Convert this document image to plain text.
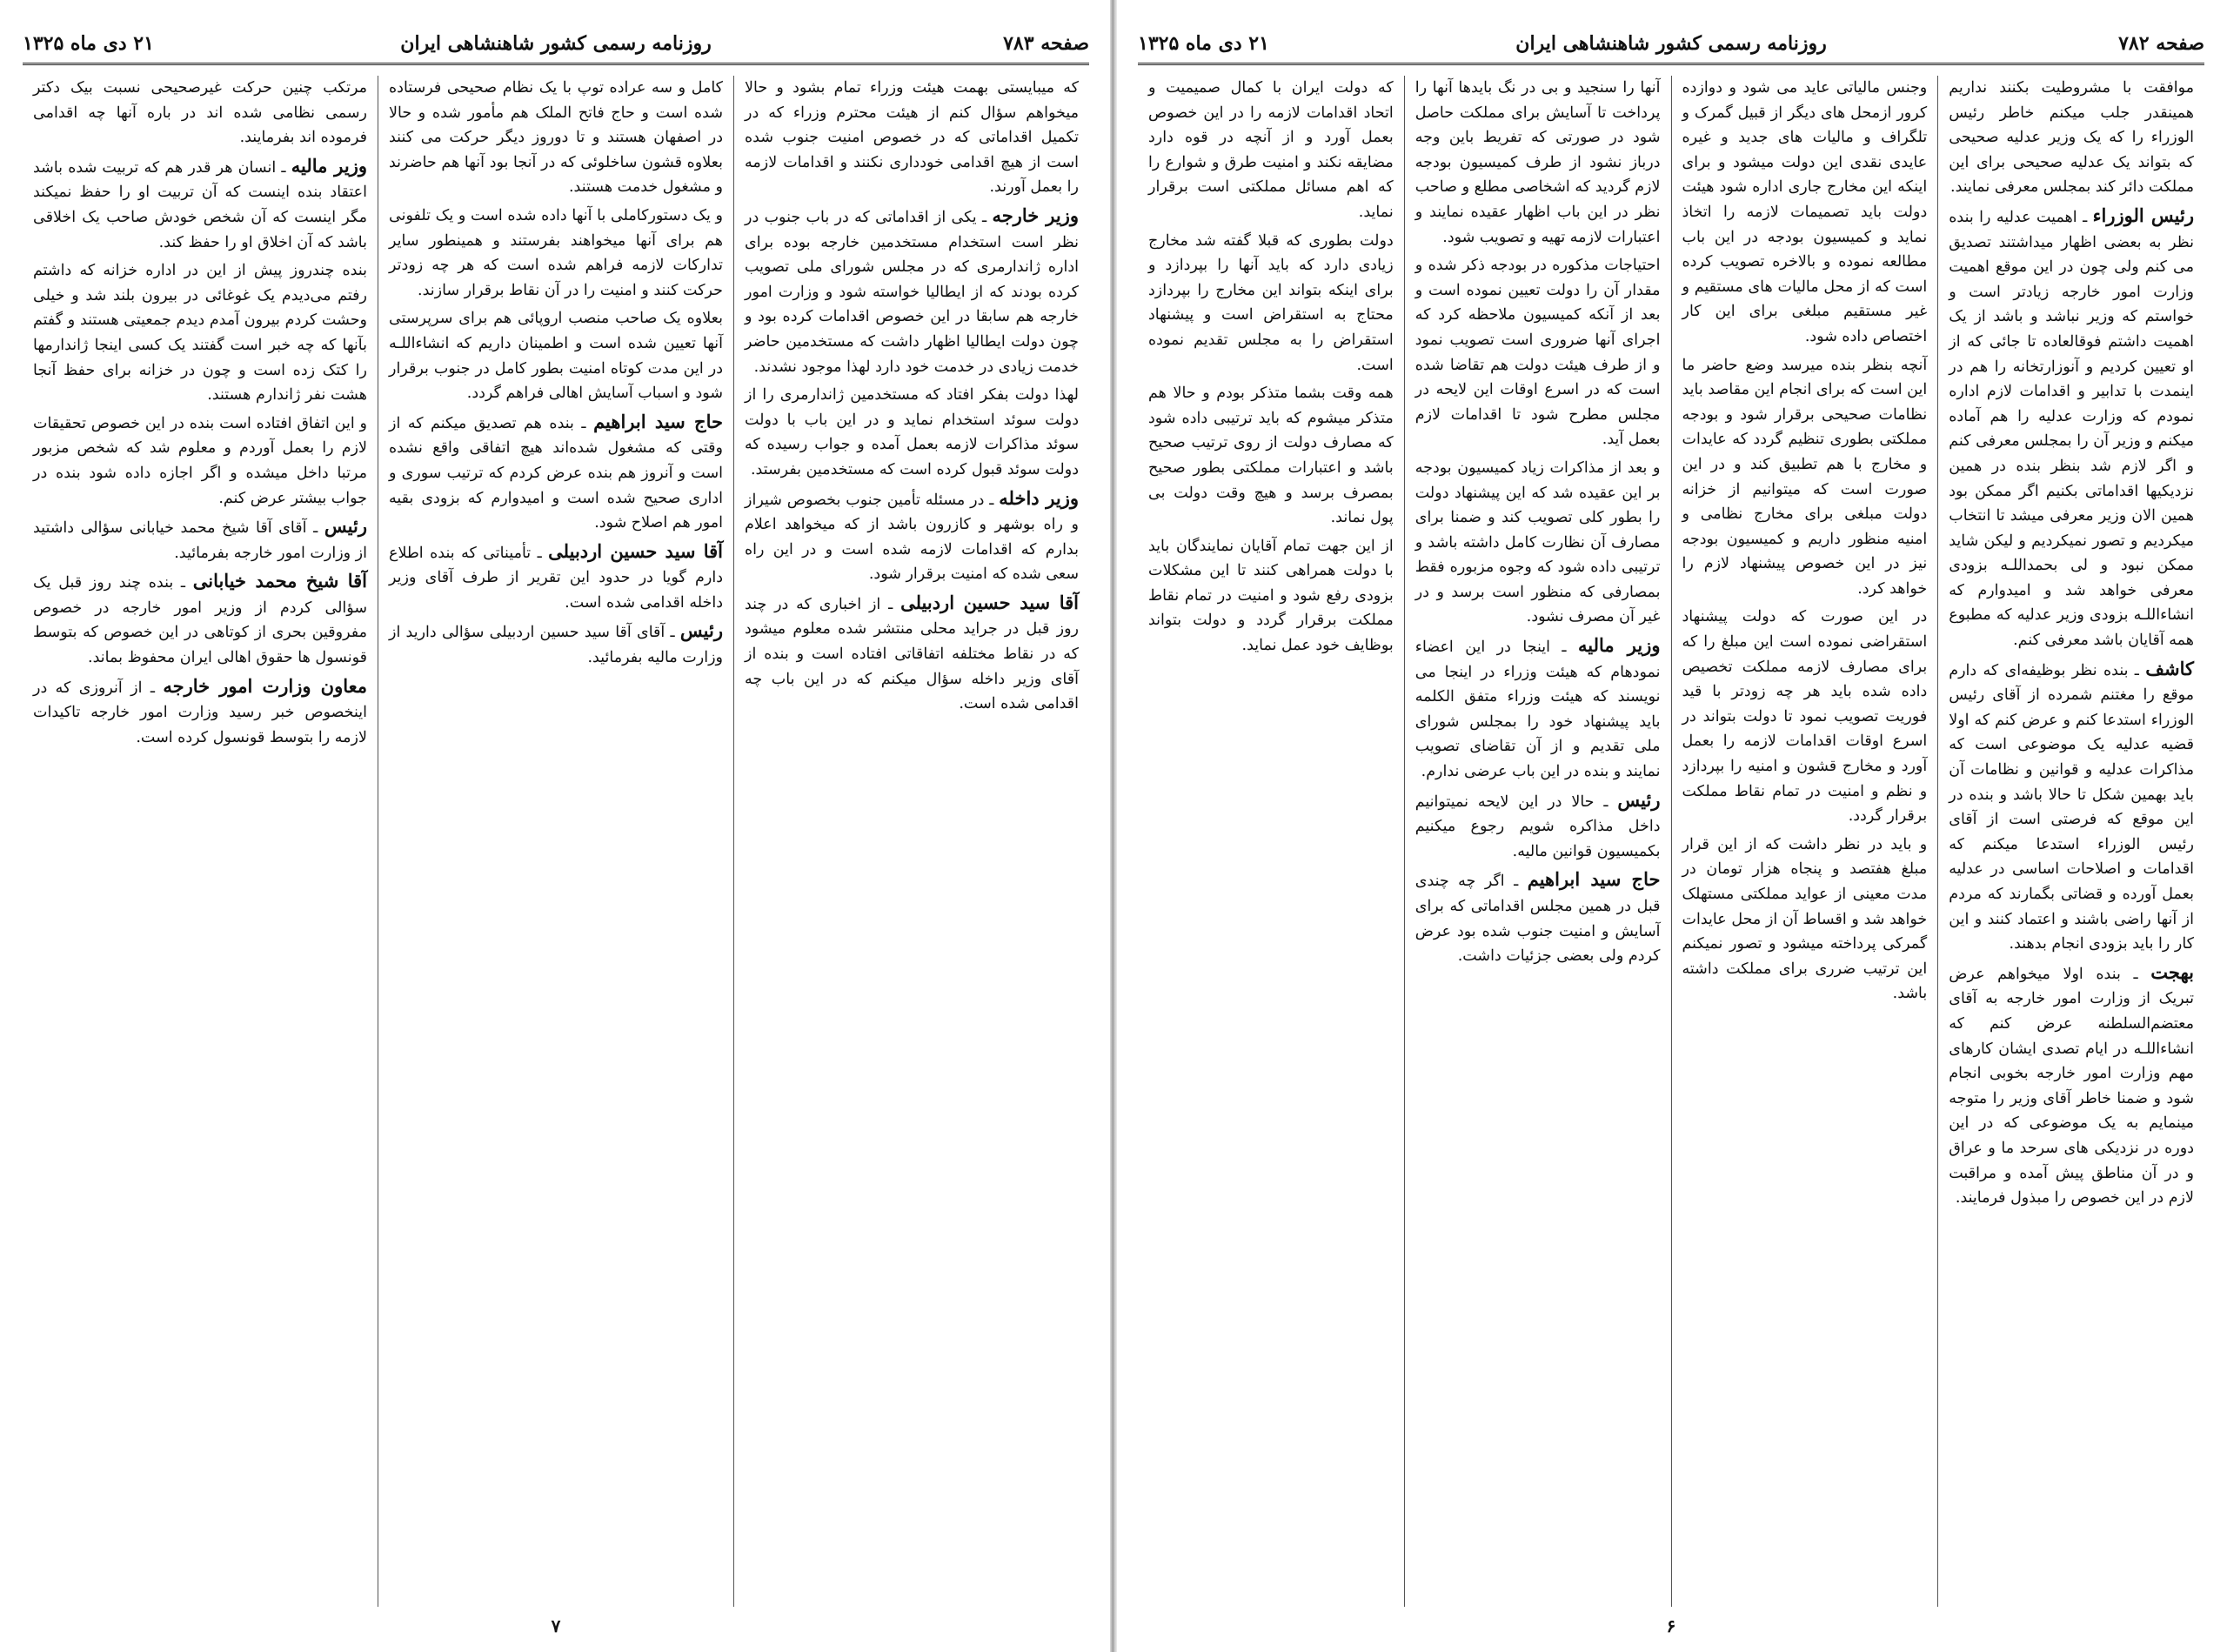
صفحه ۷۸۲
روزنامه رسمی کشور شاهنشاهی ایران
۲۱ دی ماه ۱۳۲۵

موافقت با مشروطیت بکنند نداریم همینقدر جلب میکنم خاطر رئیس الوزراء را که یک وزیر عدلیه صحیحی که بتواند یک عدلیه صحیحی برای این مملکت دائر کند بمجلس معرفی نمایند.

رئیس الوزراء ـ اهمیت عدلیه را بنده نظر به بعضی اظهار میداشتند تصدیق می کنم ولی چون در این موقع اهمیت وزارت امور خارجه زیادتر است و خواستم که وزیر نباشد و باشد از یک اهمیت داشتم فوقالعاده تا جائی که از او تعیین کردیم و آنوزارتخانه را هم در اینمدت با تدابیر و اقدامات لازم اداره نمودم که وزارت عدلیه را هم آماده میکنم و وزیر آن را بمجلس معرفی کنم و اگر لازم شد بنظر بنده در همین نزدیکیها اقداماتی بکنیم اگر ممکن بود همین الان وزیر معرفی میشد تا انتخاب میکردیم و تصور نمیکردیم و لیکن شاید ممکن نبود و لی بحمداللـه بزودی معرفی خواهد شد و امیدوارم که انشاءاللـه بزودی وزیر عدلیه که مطبوع همه آقایان باشد معرفی کنم.

کاشف ـ بنده نظر بوظیفه‌ای که دارم موقع را مغتنم شمرده از آقای رئیس الوزراء استدعا کنم و عرض کنم که اولا قضیه عدلیه یک موضوعی است که مذاکرات عدلیه و قوانین و نظامات آن باید بهمین شکل تا حالا باشد و بنده در این موقع که فرصتی است از آقای رئیس الوزراء استدعا میکنم که اقدامات و اصلاحات اساسی در عدلیه بعمل آورده و قضاتی بگمارند که مردم از آنها راضی باشند و اعتماد کنند و این کار را باید بزودی انجام بدهند.

بهجت ـ بنده اولا میخواهم عرض تبریک از وزارت امور خارجه به آقای معتضم‌السلطنه عرض کنم که انشاءاللـه در ایام تصدی ایشان کارهای مهم وزارت امور خارجه بخوبی انجام شود و ضمنا خاطر آقای وزیر را متوجه مینمایم به یک موضوعی که در این دوره در نزدیکی های سرحد ما و عراق و در آن مناطق پیش آمده و مراقبت لازم در این خصوص را مبذول فرمایند.

وجنس مالیاتی عاید می شود و دوازده کرور ازمحل های دیگر از قبیل گمرک و تلگراف و مالیات های جدید و غیره عایدی نقدی این دولت میشود و برای اینکه این مخارج جاری اداره شود هیئت دولت باید تصمیمات لازمه را اتخاذ نماید و کمیسیون بودجه در این باب مطالعه نموده و بالاخره تصویب کرده است که از محل مالیات های مستقیم و غیر مستقیم مبلغی برای این کار اختصاص داده شود.

آنچه بنظر بنده میرسد وضع حاضر ما این است که برای انجام این مقاصد باید نظامات صحیحی برقرار شود و بودجه مملکتی بطوری تنظیم گردد که عایدات و مخارج با هم تطبیق کند و در این صورت است که میتوانیم از خزانه دولت مبلغی برای مخارج نظامی و امنیه منظور داریم و کمیسیون بودجه نیز در این خصوص پیشنهاد لازم را خواهد کرد.

در این صورت که دولت پیشنهاد استقراضی نموده است این مبلغ را که برای مصارف لازمه مملکت تخصیص داده شده باید هر چه زودتر با قید فوریت تصویب نمود تا دولت بتواند در اسرع اوقات اقدامات لازمه را بعمل آورد و مخارج قشون و امنیه را بپردازد و نظم و امنیت در تمام نقاط مملکت برقرار گردد.

و باید در نظر داشت که از این قرار مبلغ هفتصد و پنجاه هزار تومان در مدت معینی از عواید مملکتی مستهلک خواهد شد و اقساط آن از محل عایدات گمرکی پرداخته میشود و تصور نمیکنم این ترتیب ضرری برای مملکت داشته باشد.

آنها را سنجید و بی در نگ بایدها آنها را پرداخت تا آسایش برای مملکت حاصل شود در صورتی که تفریط باین وجه درباز نشود از طرف کمیسیون بودجه لازم گردید که اشخاصی مطلع و صاحب نظر در این باب اظهار عقیده نمایند و اعتبارات لازمه تهیه و تصویب شود.

احتیاجات مذکوره در بودجه ذکر شده و مقدار آن را دولت تعیین نموده است و بعد از آنکه کمیسیون ملاحظه کرد که اجرای آنها ضروری است تصویب نمود و از طرف هیئت دولت هم تقاضا شده است که در اسرع اوقات این لایحه در مجلس مطرح شود تا اقدامات لازم بعمل آید.

و بعد از مذاکرات زیاد کمیسیون بودجه بر این عقیده شد که این پیشنهاد دولت را بطور کلی تصویب کند و ضمنا برای مصارف آن نظارت کامل داشته باشد و ترتیبی داده شود که وجوه مزبوره فقط بمصارفی که منظور است برسد و در غیر آن مصرف نشود.

وزیر مالیه ـ اینجا در این اعضاء نمودهام که هیئت وزراء در اینجا می نویسند که هیئت وزراء متفق الکلمه باید پیشنهاد خود را بمجلس شورای ملی تقدیم و از آن تقاضای تصویب نمایند و بنده در این باب عرضی ندارم.

رئیس ـ حالا در این لایحه نمیتوانیم داخل مذاکره شویم رجوع میکنیم بکمیسیون قوانین مالیه.

حاج سید ابراهیم ـ اگر چه چندی قبل در همین مجلس اقداماتی که برای آسایش و امنیت جنوب شده بود عرض کردم ولی بعضی جزئیات داشت.

که دولت ایران با کمال صمیمیت و اتحاد اقدامات لازمه را در این خصوص بعمل آورد و از آنچه در قوه دارد مضایقه نکند و امنیت طرق و شوارع را که اهم مسائل مملکتی است برقرار نماید.

دولت بطوری که قبلا گفته شد مخارج زیادی دارد که باید آنها را بپردازد و برای اینکه بتواند این مخارج را بپردازد محتاج به استقراض است و پیشنهاد استقراض را به مجلس تقدیم نموده است.

همه وقت بشما متذکر بودم و حالا هم متذکر میشوم که باید ترتیبی داده شود که مصارف دولت از روی ترتیب صحیح باشد و اعتبارات مملکتی بطور صحیح بمصرف برسد و هیچ وقت دولت بی پول نماند.

از این جهت تمام آقایان نمایندگان باید با دولت همراهی کنند تا این مشکلات بزودی رفع شود و امنیت در تمام نقاط مملکت برقرار گردد و دولت بتواند بوظایف خود عمل نماید.

۶
صفحه ۷۸۳
روزنامه رسمی کشور شاهنشاهی ایران
۲۱ دی ماه ۱۳۲۵

که میبایستی بهمت هیئت وزراء تمام بشود و حالا میخواهم سؤال کنم از هیئت محترم وزراء که در تکمیل اقداماتی که در خصوص امنیت جنوب شده است از هیچ اقدامی خودداری نکنند و اقدامات لازمه را بعمل آورند.

وزیر خارجه ـ یکی از اقداماتی که در باب جنوب در نظر است استخدام مستخدمین خارجه بوده برای اداره ژاندارمری که در مجلس شورای ملی تصویب کرده بودند که از ایطالیا خواسته شود و وزارت امور خارجه هم سابقا در این خصوص اقدامات کرده بود و چون دولت ایطالیا اظهار داشت که مستخدمین حاضر خدمت زیادی در خدمت خود دارد لهذا موجود نشدند.

لهذا دولت بفکر افتاد که مستخدمین ژاندارمری را از دولت سوئد استخدام نماید و در این باب با دولت سوئد مذاکرات لازمه بعمل آمده و جواب رسیده که دولت سوئد قبول کرده است که مستخدمین بفرستد.

وزیر داخله ـ در مسئله تأمین جنوب بخصوص شیراز و راه بوشهر و کازرون باشد از که میخواهد اعلام بدارم که اقدامات لازمه شده است و در این راه سعی شده که امنیت برقرار شود.

آقا سید حسین اردبیلی ـ از اخباری که در چند روز قبل در جراید محلی منتشر شده معلوم میشود که در نقاط مختلفه اتفاقاتی افتاده است و بنده از آقای وزیر داخله سؤال میکنم که در این باب چه اقدامی شده است.

کامل و سه عراده توپ با یک نظام صحیحی فرستاده شده است و حاج فاتح الملک هم مأمور شده و حالا در اصفهان هستند و تا دوروز دیگر حرکت می کنند بعلاوه قشون ساخلوئی که در آنجا بود آنها هم حاضرند و مشغول خدمت هستند.

و یک دستورکاملی با آنها داده شده است و یک تلفونی هم برای آنها میخواهند بفرستند و همینطور سایر تدارکات لازمه فراهم شده است که هر چه زودتر حرکت کنند و امنیت را در آن نقاط برقرار سازند.

بعلاوه یک صاحب منصب اروپائی هم برای سرپرستی آنها تعیین شده است و اطمینان داریم که انشاءاللـه در این مدت کوتاه امنیت بطور کامل در جنوب برقرار شود و اسباب آسایش اهالی فراهم گردد.

حاج سید ابراهیم ـ بنده هم تصدیق میکنم که از وقتی که مشغول شده‌اند هیچ اتفاقی واقع نشده است و آنروز هم بنده عرض کردم که ترتیب سوری و اداری صحیح شده است و امیدوارم که بزودی بقیه امور هم اصلاح شود.

آقا سید حسین اردبیلی ـ تأمیناتی که بنده اطلاع دارم گویا در حدود این تقریر از طرف آقای وزیر داخله اقدامی شده است.

رئیس ـ آقای آقا سید حسین اردبیلی سؤالی دارید از وزارت مالیه بفرمائید.

مرتکب چنین حرکت غیرصحیحی نسبت بیک دکتر رسمی نظامی شده اند در باره آنها چه اقدامی فرموده اند بفرمایند.

وزیر مالیه ـ انسان هر قدر هم که تربیت شده باشد اعتقاد بنده اینست که آن تربیت او را حفظ نمیکند مگر اینست که آن شخص خودش صاحب یک اخلاقی باشد که آن اخلاق او را حفظ کند.

بنده چندروز پیش از این در اداره خزانه که داشتم رفتم می‌دیدم یک غوغائی در بیرون بلند شد و خیلی وحشت کردم بیرون آمدم دیدم جمعیتی هستند و گفتم بآنها که چه خبر است گفتند یک کسی اینجا ژاندارمها را کتک زده است و چون در خزانه برای حفظ آنجا هشت نفر ژاندارم هستند.

و این اتفاق افتاده است بنده در این خصوص تحقیقات لازم را بعمل آوردم و معلوم شد که شخص مزبور مرتبا داخل میشده و اگر اجازه داده شود بنده در جواب بیشتر عرض کنم.

رئیس ـ آقای آقا شیخ محمد خیابانی سؤالی داشتید از وزارت امور خارجه بفرمائید.

آقا شیخ محمد خیابانی ـ بنده چند روز قبل یک سؤالی کردم از وزیر امور خارجه در خصوص مفروقین بحری از کوتاهی در این خصوص که بتوسط قونسول ها حقوق اهالی ایران محفوظ بماند.

معاون وزارت امور خارجه ـ از آنروزی که در اینخصوص خبر رسید وزارت امور خارجه تاکیدات لازمه را بتوسط قونسول کرده است.

۷
